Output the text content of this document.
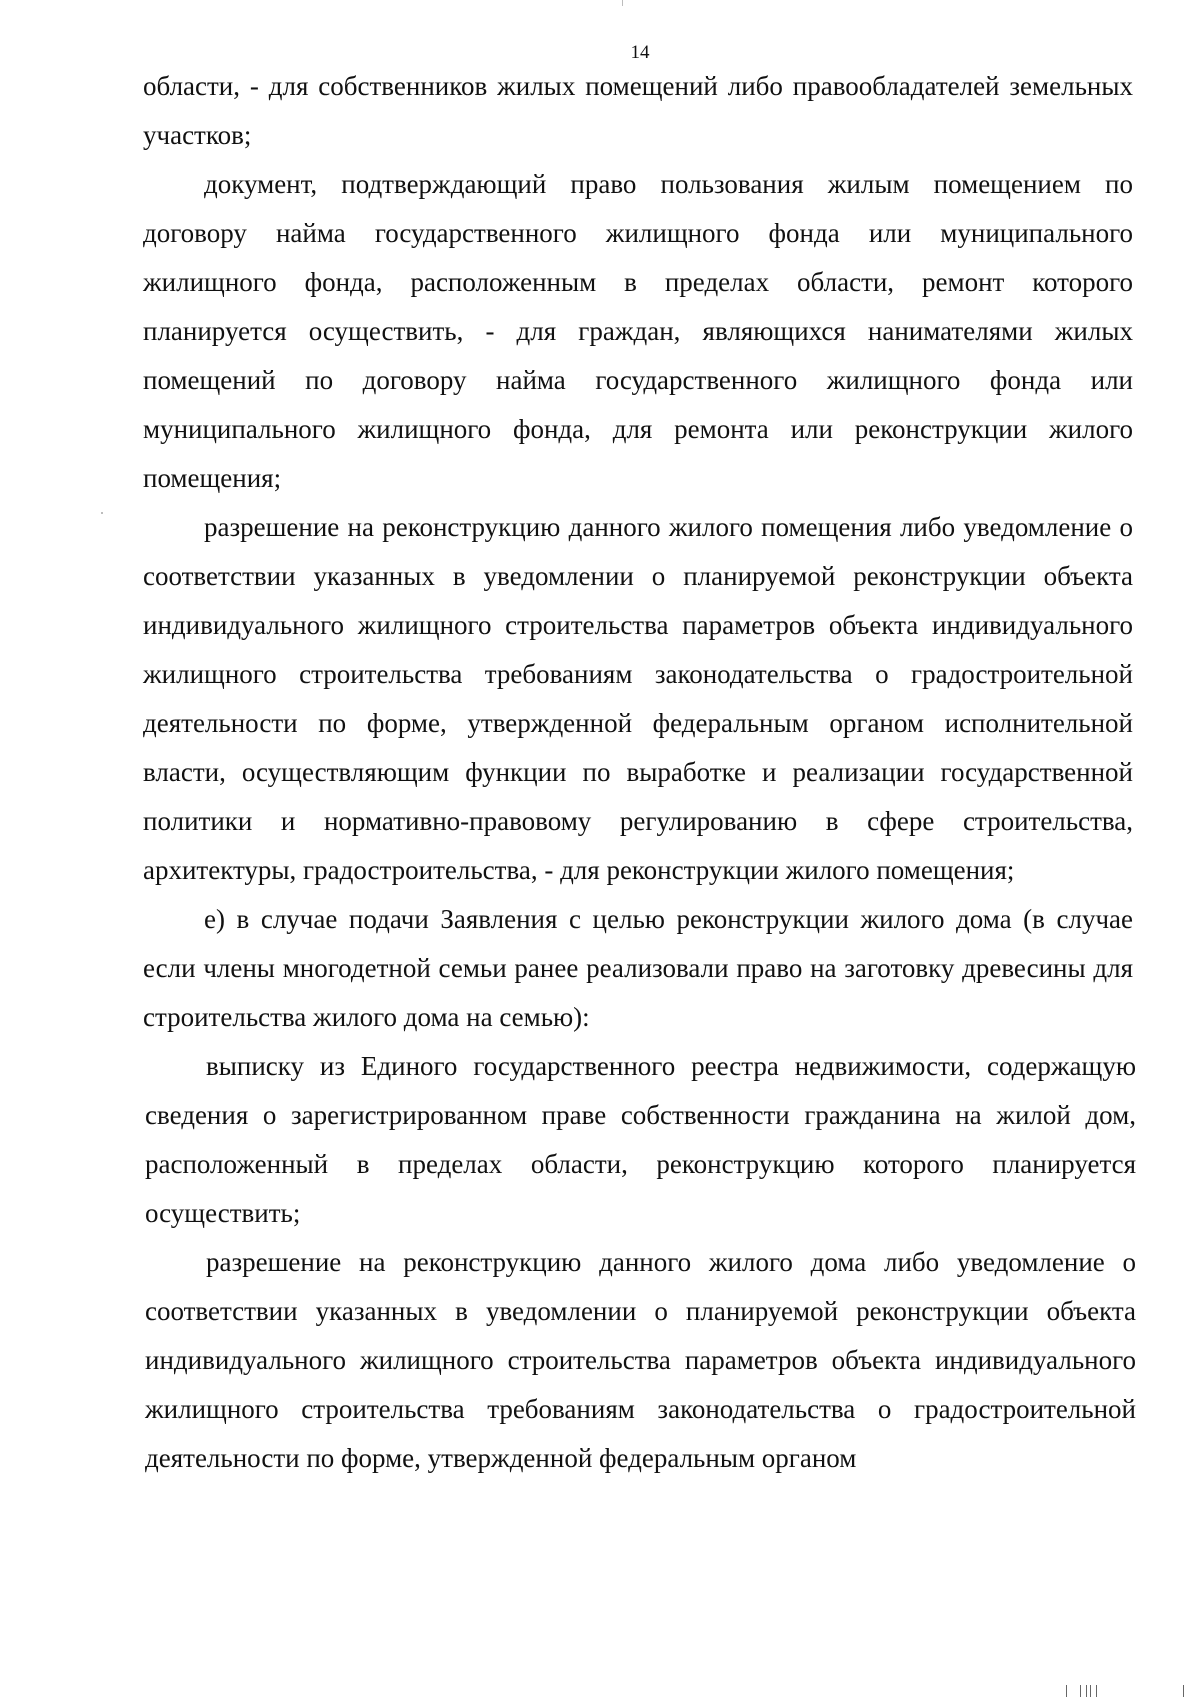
14

области, - для собственников жилых помещений либо правообладателей земельных участков;

документ, подтверждающий право пользования жилым помещением по договору найма государственного жилищного фонда или муниципального жилищного фонда, расположенным в пределах области, ремонт которого планируется осуществить, - для граждан, являющихся нанимателями жилых помещений по договору найма государственного жилищного фонда или муниципального жилищного фонда, для ремонта или реконструкции жилого помещения;

разрешение на реконструкцию данного жилого помещения либо уведомление о соответствии указанных в уведомлении о планируемой реконструкции объекта индивидуального жилищного строительства параметров объекта индивидуального жилищного строительства требованиям законодательства о градостроительной деятельности по форме, утвержденной федеральным органом исполнительной власти, осуществляющим функции по выработке и реализации государственной политики и нормативно-правовому регулированию в сфере строительства, архитектуры, градостроительства, - для реконструкции жилого помещения;

е) в случае подачи Заявления с целью реконструкции жилого дома (в случае если члены многодетной семьи ранее реализовали право на заготовку древесины для строительства жилого дома на семью):

выписку из Единого государственного реестра недвижимости, содержащую сведения о зарегистрированном праве собственности гражданина на жилой дом, расположенный в пределах области, реконструкцию которого планируется осуществить;

разрешение на реконструкцию данного жилого дома либо уведомление о соответствии указанных в уведомлении о планируемой реконструкции объекта индивидуального жилищного строительства параметров объекта индивидуального жилищного строительства требованиям законодательства о градостроительной деятельности по форме, утвержденной федеральным органом
